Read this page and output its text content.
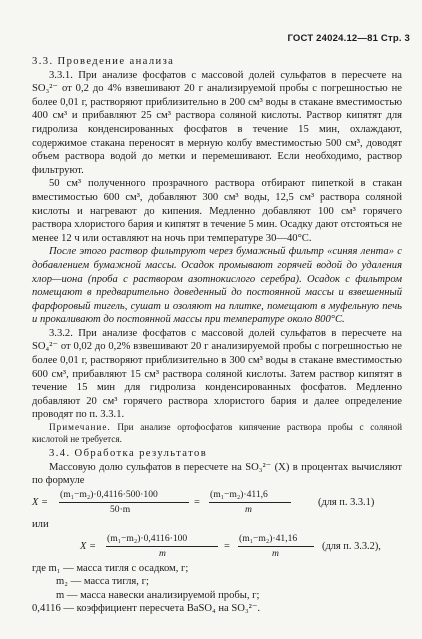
ГОСТ 24024.12—81 Стр. 3

3.3. Проведение анализа

3.3.1. При анализе фосфатов с массовой долей сульфатов в пересчете на SO₃²⁻ от 0,2 до 4% взвешивают 20 г анализируемой пробы с погрешностью не более 0,01 г, растворяют приблизительно в 200 см³ воды в стакане вместимостью 400 см³ и прибавляют 25 см³ раствора соляной кислоты. Раствор кипятят для гидролиза конденсированных фосфатов в течение 15 мин, охлаждают, содержимое стакана переносят в мерную колбу вместимостью 500 см³, доводят объем раствора водой до метки и перемешивают. Если необходимо, раствор фильтруют.

50 см³ полученного прозрачного раствора отбирают пипеткой в стакан вместимостью 600 см³, добавляют 300 см³ воды, 12,5 см³ раствора соляной кислоты и нагревают до кипения. Медленно добавляют 100 см³ горячего раствора хлористого бария и кипятят в течение 5 мин. Осадку дают отстояться не менее 12 ч или оставляют на ночь при температуре 30—40°С.

После этого раствор фильтруют через бумажный фильтр «синяя лента» с добавлением бумажной массы. Осадок промывают горячей водой до удаления хлор—иона (проба с раствором азотнокислого серебра). Осадок с фильтром помещают в предварительно доведенный до постоянной массы и взвешенный фарфоровый тигель, сушат и озоляют на плитке, помещают в муфельную печь и прокаливают до постоянной массы при температуре около 800°С.

3.3.2. При анализе фосфатов с массовой долей сульфатов в пересчете на SO₄²⁻ от 0,02 до 0,2% взвешивают 20 г анализируемой пробы с погрешностью не более 0,01 г, растворяют приблизительно в 300 см³ воды в стакане вместимостью 600 см³, прибавляют 15 см³ раствора соляной кислоты. Затем раствор кипятят в течение 15 мин для гидролиза конденсированных фосфатов. Медленно добавляют 20 см³ горячего раствора хлористого бария и далее определение проводят по п. 3.3.1.

Примечание. При анализе ортофосфатов кипячение раствора пробы с соляной кислотой не требуется.

3.4. Обработка результатов

Массовую долю сульфатов в пересчете на SO₃²⁻ (X) в процентах вычисляют по формуле

X =
(m₁−m₂)·0,4116·500·100
50·m
=
(m₁−m₂)·411,6
m
(для п. 3.3.1)

или

X =
(m₁−m₂)·0,4116·100
m
=
(m₁−m₂)·41,16
m
(для п. 3.3.2),

где m₁ — масса тигля с осадком, г;

m₂ — масса тигля, г;

m — масса навески анализируемой пробы, г;

0,4116 — коэффициент пересчета BaSO₄ на SO₃²⁻.
